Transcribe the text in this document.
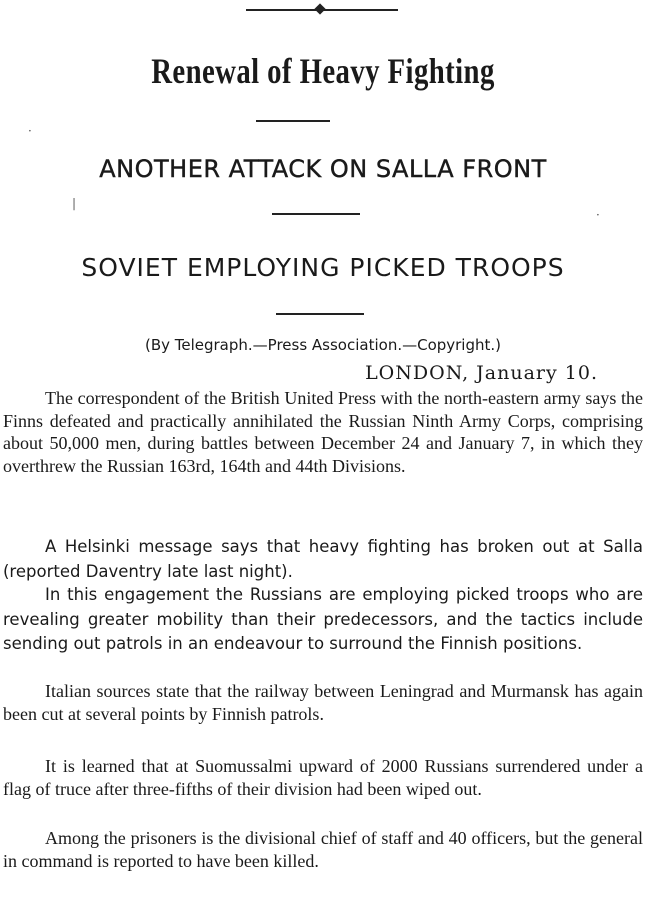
Renewal of Heavy Fighting
ANOTHER ATTACK ON SALLA FRONT
SOVIET EMPLOYING PICKED TROOPS
(By Telegraph.—Press Association.—Copyright.)
LONDON, January 10.

The correspondent of the British United Press with the north-eastern army says the Finns defeated and practically annihilated the Russian Ninth Army Corps, comprising about 50,000 men, during battles between December 24 and January 7, in which they overthrew the Russian 163rd, 164th and 44th Divisions.

A Helsinki message says that heavy fighting has broken out at Salla (reported Daventry late last night).

In this engagement the Russians are employing picked troops who are revealing greater mobility than their predecessors, and the tactics include sending out patrols in an endeavour to surround the Finnish positions.

Italian sources state that the railway between Leningrad and Murmansk has again been cut at several points by Finnish patrols.

It is learned that at Suomussalmi upward of 2000 Russians surrendered under a flag of truce after three-fifths of their division had been wiped out.

Among the prisoners is the divisional chief of staff and 40 officers, but the general in command is reported to have been killed.

·
|
·
